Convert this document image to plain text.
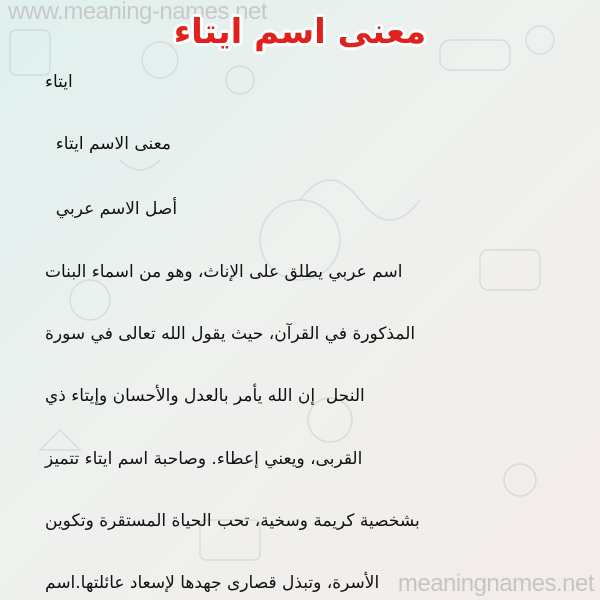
www.meaning-names.net
معنى اسم ايتاء
ايتاء
معنى الاسم ايتاء
أصل الاسم عربي
اسم عربي يطلق على الإناث، وهو من اسماء البنات
المذكورة في القرآن، حيث يقول الله تعالى في سورة
النحل  إن الله يأمر بالعدل والأحسان وإيتاء ذي
القربى، ويعني إعطاء. وصاحبة اسم ايتاء تتميز
بشخصية كريمة وسخية، تحب الحياة المستقرة وتكوين
الأسرة، وتبذل قصارى جهدها لإسعاد عائلتها.اسم meaningnames.net
